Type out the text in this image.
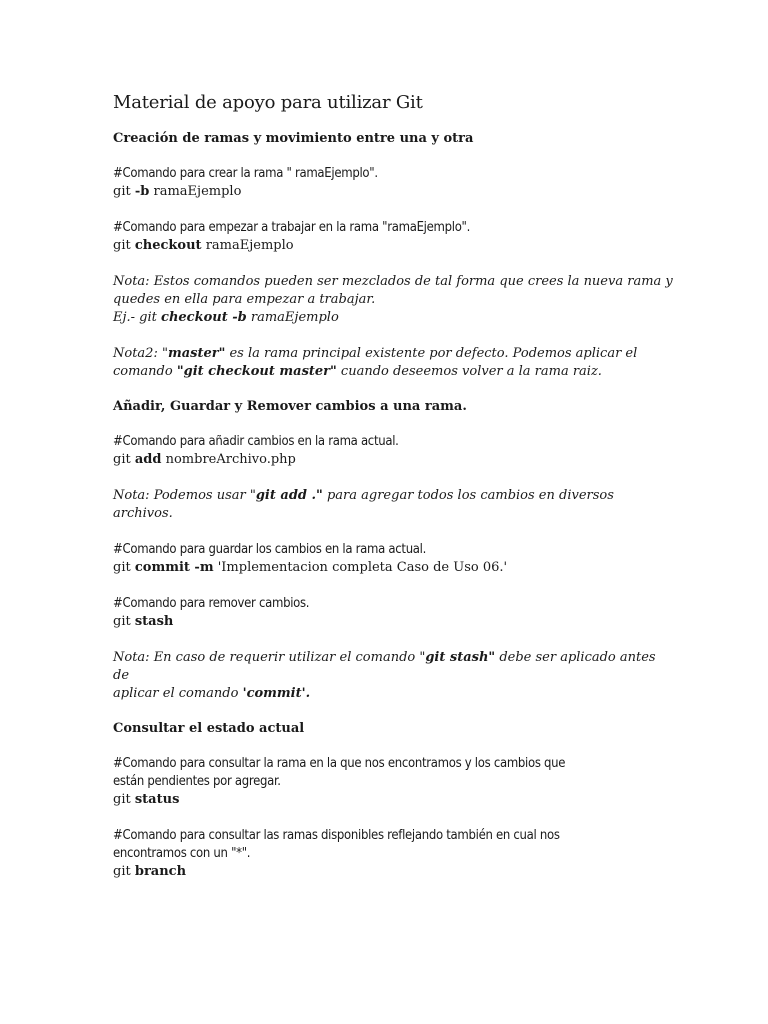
Material de apoyo para utilizar Git
Creación de ramas y movimiento entre una y otra
#Comando para crear la rama " ramaEjemplo".
git -b ramaEjemplo
#Comando para empezar a trabajar en la rama "ramaEjemplo".
git checkout ramaEjemplo
Nota: Estos comandos pueden ser mezclados de tal forma que crees la nueva rama y
quedes en ella para empezar a trabajar.
Ej.- git checkout -b ramaEjemplo
Nota2: "master" es la rama principal existente por defecto. Podemos aplicar el
comando "git checkout master" cuando deseemos volver a la rama raiz.
Añadir, Guardar y Remover cambios a una rama.
#Comando para añadir cambios en la rama actual.
git add nombreArchivo.php
Nota: Podemos usar "git add ." para agregar todos los cambios en diversos archivos.
#Comando para guardar los cambios en la rama actual.
git commit -m 'Implementacion completa Caso de Uso 06.'
#Comando para remover cambios.
git stash
Nota: En caso de requerir utilizar el comando "git stash" debe ser aplicado antes de
aplicar el comando 'commit'.
Consultar el estado actual
#Comando para consultar la rama en la que nos encontramos y los cambios que
están pendientes por agregar.
git status
#Comando para consultar las ramas disponibles reflejando también en cual nos
encontramos con un "*".
git branch
